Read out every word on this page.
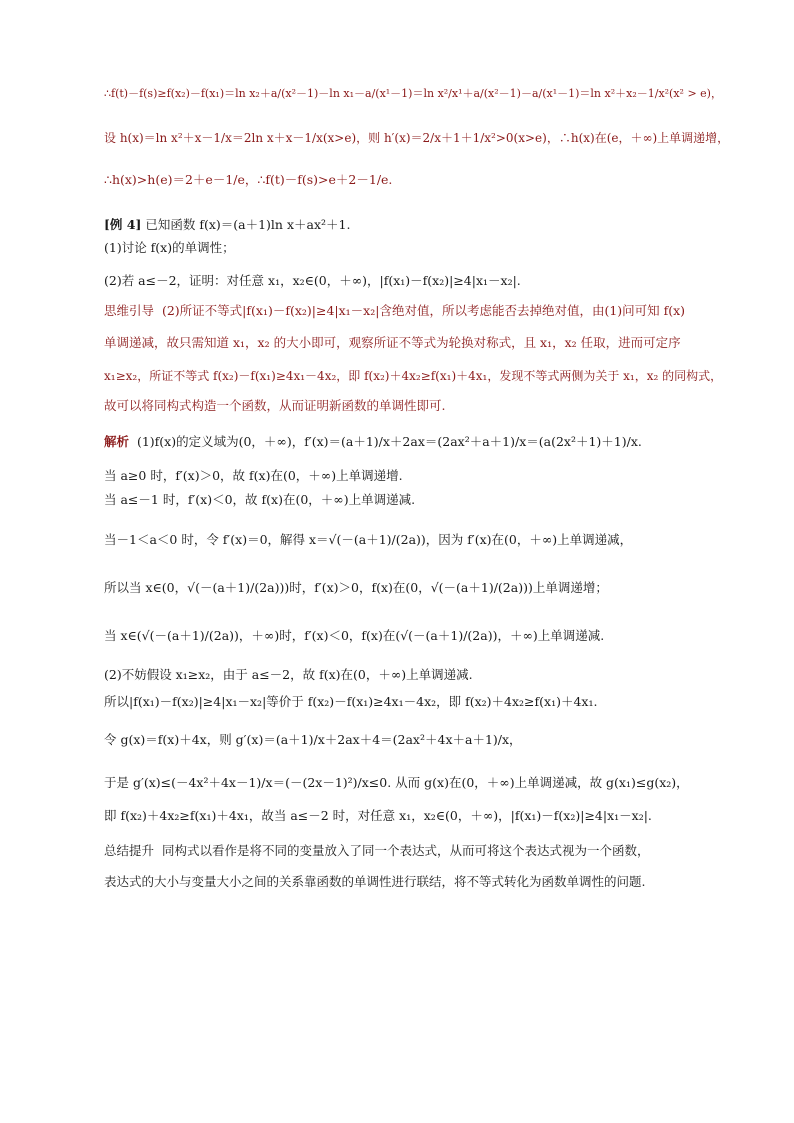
∴f(t)－f(s)≥f(x₂)－f(x₁)＝ln x₂＋a/(x²－1)－ln x₁－a/(x¹－1)＝ln x²/x¹＋a/(x²－1)－a/(x¹－1)＝ln x²＋x₂－1/x²(x² > e)，
设 h(x)＝ln x²＋x－1/x＝2ln x＋x－1/x(x>e)，则 h′(x)＝2/x＋1＋1/x²>0(x>e)，∴h(x)在(e，＋∞)上单调递增，
∴h(x)>h(e)＝2＋e－1/e，∴f(t)－f(s)>e＋2－1/e.
[例 4] 已知函数 f(x)＝(a＋1)ln x＋ax²＋1.
(1)讨论 f(x)的单调性；
(2)若 a≤－2，证明：对任意 x₁，x₂∈(0，＋∞)，|f(x₁)－f(x₂)|≥4|x₁－x₂|.
思维引导 (2)所证不等式|f(x₁)－f(x₂)|≥4|x₁－x₂|含绝对值，所以考虑能否去掉绝对值，由(1)问可知 f(x)
单调递减，故只需知道 x₁，x₂ 的大小即可，观察所证不等式为轮换对称式，且 x₁，x₂ 任取，进而可定序
x₁≥x₂，所证不等式 f(x₂)－f(x₁)≥4x₁－4x₂，即 f(x₂)＋4x₂≥f(x₁)＋4x₁，发现不等式两侧为关于 x₁，x₂ 的同构式，
故可以将同构式构造一个函数，从而证明新函数的单调性即可.
解析 (1)f(x)的定义域为(0，＋∞)，f′(x)＝(a＋1)/x＋2ax＝(2ax²＋a＋1)/x＝(a(2x²＋1)＋1)/x.
当 a≥0 时，f′(x)＞0，故 f(x)在(0，＋∞)上单调递增.
当 a≤－1 时，f′(x)＜0，故 f(x)在(0，＋∞)上单调递减.
当－1＜a＜0 时，令 f′(x)＝0，解得 x＝√(－(a＋1)/(2a))，因为 f′(x)在(0，＋∞)上单调递减，
所以当 x∈(0，√(－(a＋1)/(2a)))时，f′(x)＞0，f(x)在(0，√(－(a＋1)/(2a)))上单调递增；
当 x∈(√(－(a＋1)/(2a))，＋∞)时，f′(x)＜0，f(x)在(√(－(a＋1)/(2a))，＋∞)上单调递减.
(2)不妨假设 x₁≥x₂，由于 a≤－2，故 f(x)在(0，＋∞)上单调递减.
所以|f(x₁)－f(x₂)|≥4|x₁－x₂|等价于 f(x₂)－f(x₁)≥4x₁－4x₂，即 f(x₂)＋4x₂≥f(x₁)＋4x₁.
令 g(x)＝f(x)＋4x，则 g′(x)＝(a＋1)/x＋2ax＋4＝(2ax²＋4x＋a＋1)/x，
于是 g′(x)≤(－4x²＋4x－1)/x＝(－(2x－1)²)/x≤0. 从而 g(x)在(0，＋∞)上单调递减，故 g(x₁)≤g(x₂)，
即 f(x₂)＋4x₂≥f(x₁)＋4x₁，故当 a≤－2 时，对任意 x₁，x₂∈(0，＋∞)，|f(x₁)－f(x₂)|≥4|x₁－x₂|.
总结提升 同构式以看作是将不同的变量放入了同一个表达式，从而可将这个表达式视为一个函数，
表达式的大小与变量大小之间的关系靠函数的单调性进行联结，将不等式转化为函数单调性的问题.
